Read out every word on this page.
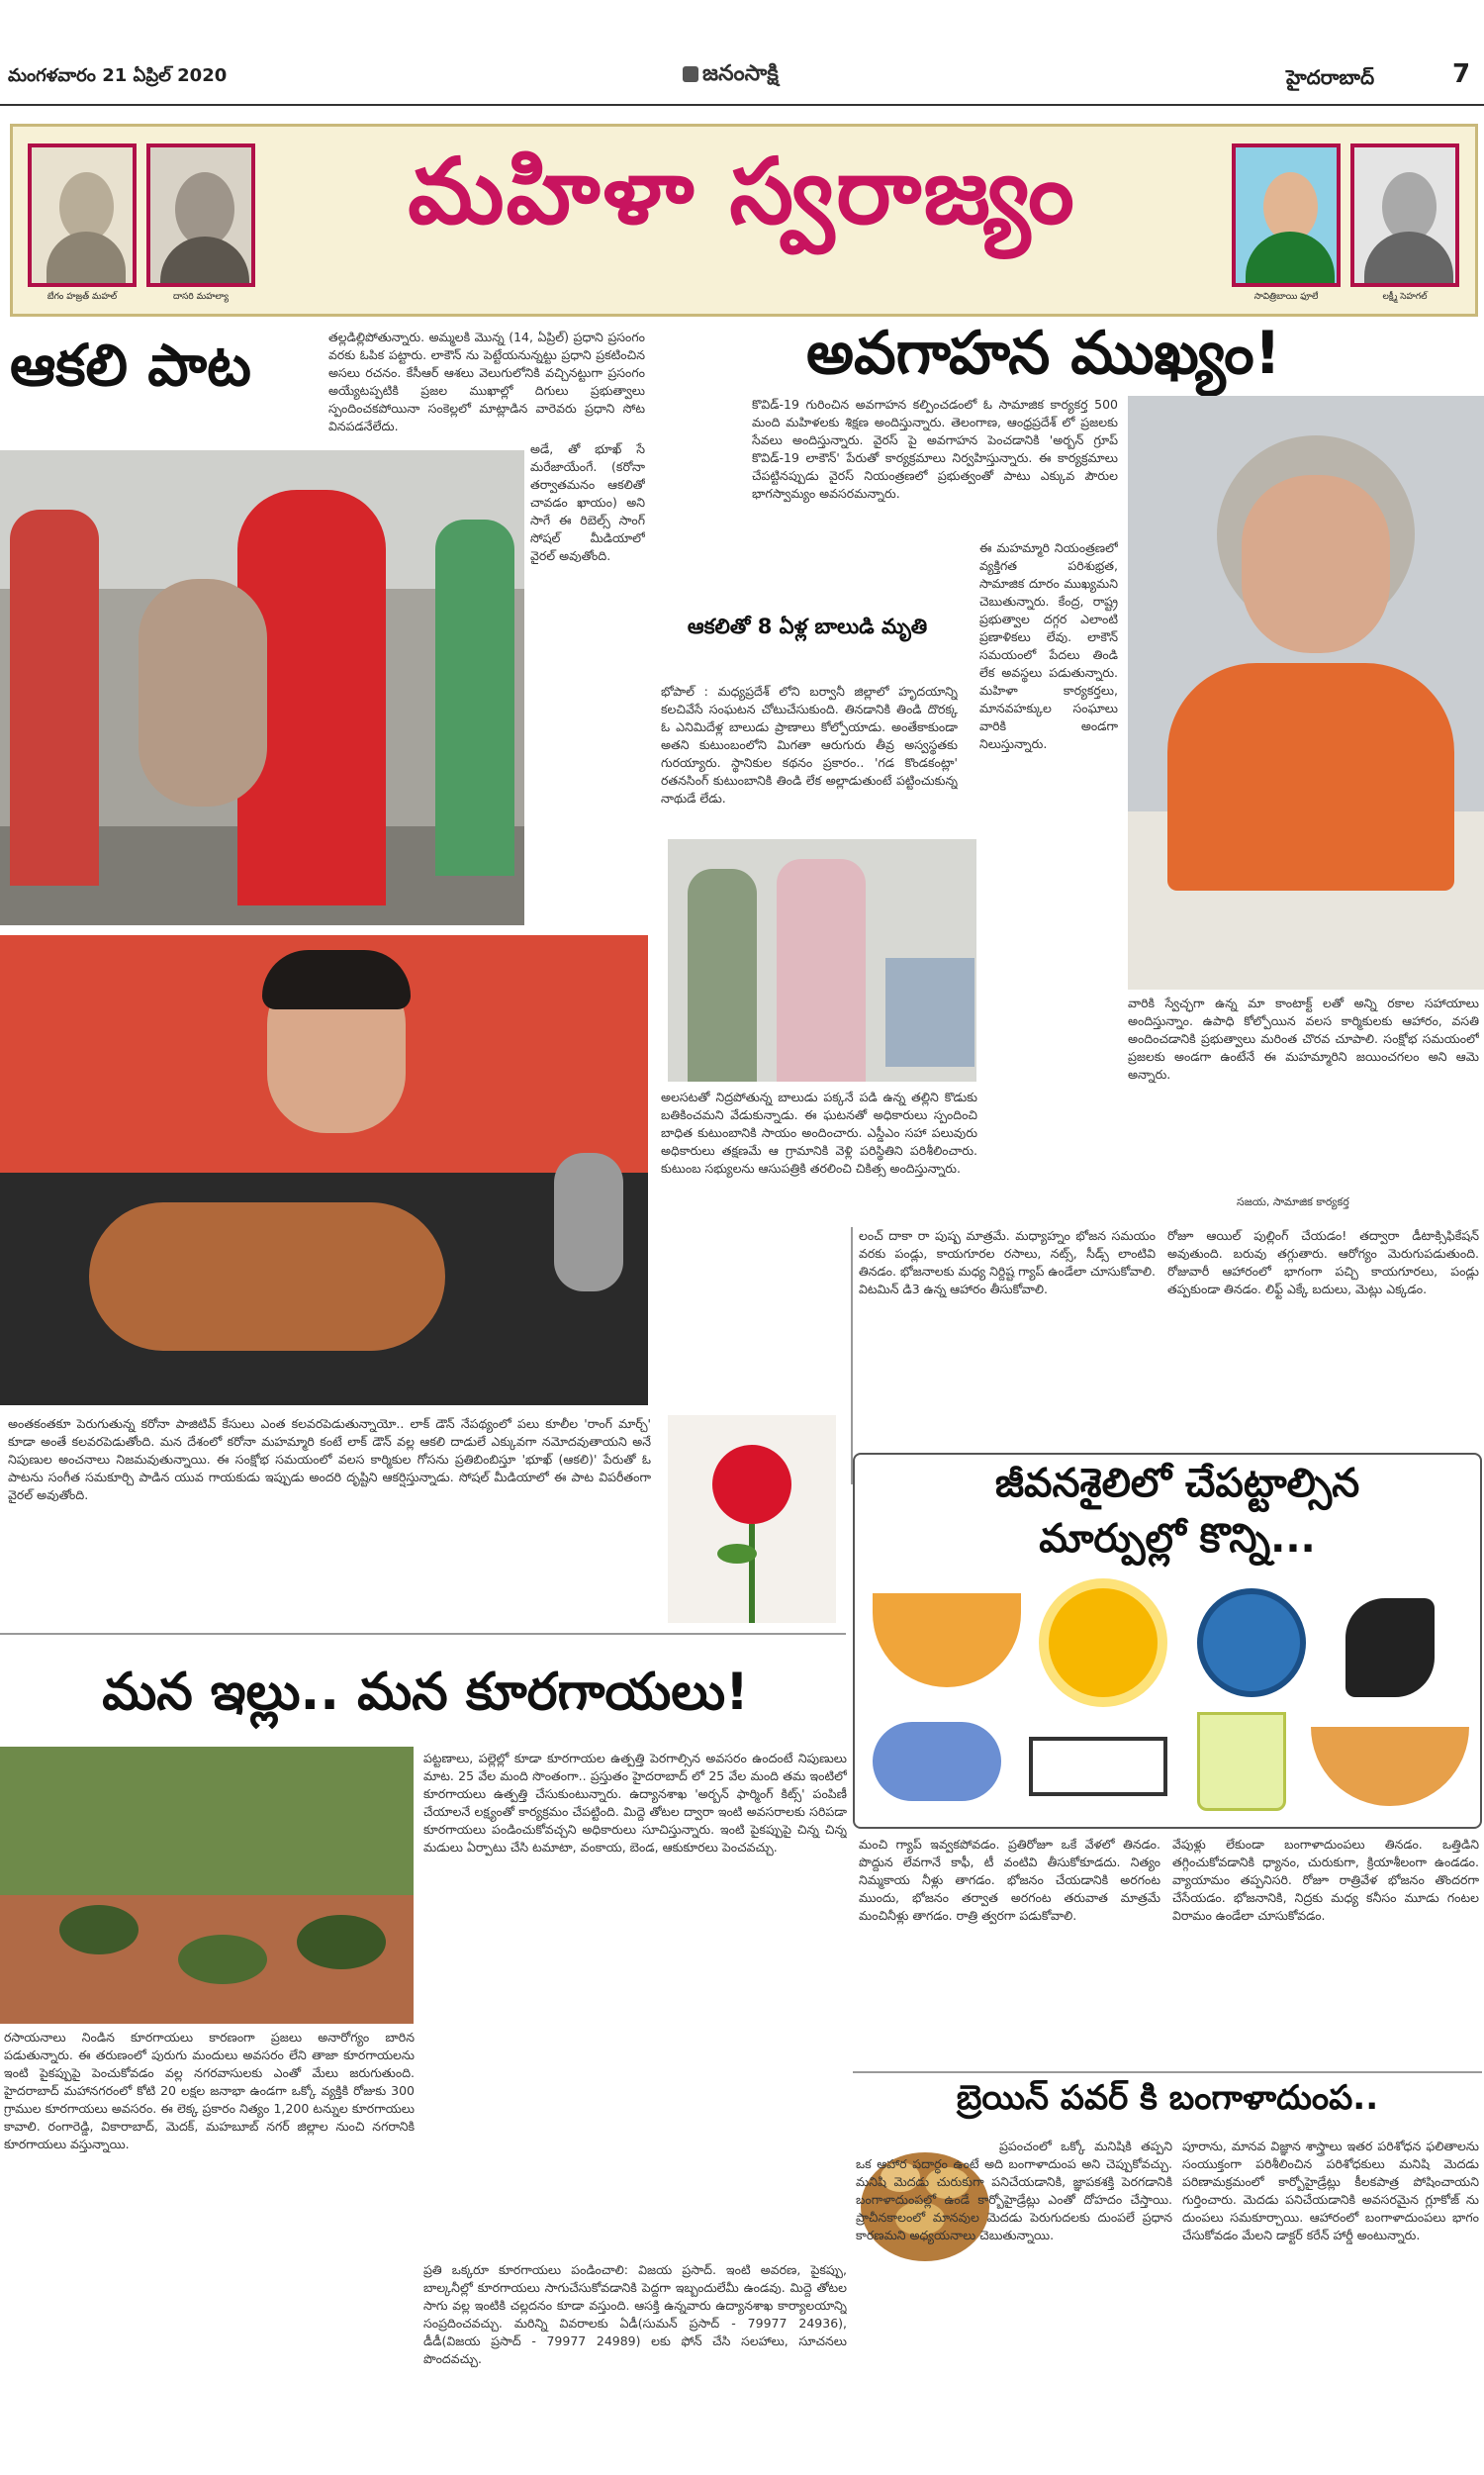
మంగళవారం 21 ఏప్రిల్ 2020	జనంసాక్షి	హైదరాబాద్	7
బేగం హజ్రత్ మహల్	దాసరి మహల్యా
మహిళా స్వరాజ్యం
సావిత్రిబాయి ఫూలే	లక్ష్మీ సెహగల్
ఆకలి పాట	తల్లడిల్లిపోతున్నారు. అమ్మలకి మొన్న (14, ఏప్రిల్) ప్రధాని ప్రసంగం వరకు ఓపిక పట్టారు. లాకౌన్ ను పెట్టేయనున్నట్టు ప్రధాని ప్రకటించిన అసలు రచనం. కేసీఆర్ ఆశలు వెలుగులోనికి వచ్చినట్టుగా ప్రసంగం అయ్యేటప్పటికి ప్రజల ముఖాల్లో దిగులు ప్రభుత్వాలు స్పందించకపోయినా సంకెల్లలో మాట్లాడిన వారెవరు ప్రధాని సోట వినపడనేలేదు.

అడే, తో భూఖ్ సే మరేజాయేంగే. (కరోనా తర్వాతమనం ఆకలితో చావడం ఖాయం) అని సాగే ఈ రిబెల్స్ సాంగ్ సోషల్ మీడియాలో వైరల్ అవుతోంది.

ఆకలితో 8 ఏళ్ల బాలుడి మృతి

భోపాల్ : మధ్యప్రదేశ్ లోని బర్వానీ జిల్లాలో హృదయాన్ని కలచివేసే సంఘటన చోటుచేసుకుంది. తినడానికి తిండి దొరక్క ఓ ఎనిమిదేళ్ల బాలుడు ప్రాణాలు కోల్పోయాడు. అంతేకాకుండా అతని కుటుంబంలోని మిగతా ఆరుగురు తీవ్ర అస్వస్థతకు గురయ్యారు. స్థానికుల కథనం ప్రకారం.. 'గడ కొండకంట్లా' రతనసింగ్ కుటుంబానికి తిండి లేక అల్లాడుతుంటే పట్టించుకున్న నాథుడే లేడు.

అలసటతో నిద్రపోతున్న బాలుడు పక్కనే పడి ఉన్న తల్లిని కొడుకు బతికించమని వేడుకున్నాడు. ఈ ఘటనతో అధికారులు స్పందించి బాధిత కుటుంబానికి సాయం అందించారు. ఎస్డీఎం సహా పలువురు అధికారులు తక్షణమే ఆ గ్రామానికి వెళ్లి పరిస్థితిని పరిశీలించారు. కుటుంబ సభ్యులను ఆసుపత్రికి తరలించి చికిత్స అందిస్తున్నారు.

అంతకంతకూ పెరుగుతున్న కరోనా పాజిటివ్ కేసులు ఎంత కలవరపెడుతున్నాయో.. లాక్ డౌన్ నేపథ్యంలో పలు కూలీల 'రాంగ్ మార్చ్' కూడా అంతే కలవరపెడుతోంది. మన దేశంలో కరోనా మహమ్మారి కంటే లాక్ డౌన్ వల్ల ఆకలి దాడులే ఎక్కువగా నమోదవుతాయని అనే నిపుణుల అంచనాలు నిజమవుతున్నాయి. ఈ సంక్షోభ సమయంలో వలస కార్మికుల గోసను ప్రతిబింబిస్తూ 'భూఖ్ (ఆకలి)' పేరుతో ఓ పాటను సంగీత సమకూర్చి పాడిన యువ గాయకుడు ఇప్పుడు అందరి దృష్టిని ఆకర్షిస్తున్నాడు. సోషల్ మీడియాలో ఈ పాట విపరీతంగా వైరల్ అవుతోంది.

అవగాహన ముఖ్యం!

కొవిడ్-19 గురించిన అవగాహన కల్పించడంలో ఓ సామాజిక కార్యకర్త 500 మంది మహిళలకు శిక్షణ అందిస్తున్నారు. తెలంగాణ, ఆంధ్రప్రదేశ్ లో ప్రజలకు సేవలు అందిస్తున్నారు. వైరస్ పై అవగాహన పెంచడానికి 'అర్బన్ గ్రూప్ కొవిడ్-19 లాకౌన్' పేరుతో కార్యక్రమాలు నిర్వహిస్తున్నారు. ఈ కార్యక్రమాలు చేపట్టినప్పుడు వైరస్ నియంత్రణలో ప్రభుత్వంతో పాటు ఎక్కువ పౌరుల భాగస్వామ్యం అవసరమన్నారు.

ఈ మహమ్మారి నియంత్రణలో వ్యక్తిగత పరిశుభ్రత, సామాజిక దూరం ముఖ్యమని చెబుతున్నారు. కేంద్ర, రాష్ట్ర ప్రభుత్వాల దగ్గర ఎలాంటి ప్రణాళికలు లేవు. లాకౌన్ సమయంలో పేదలు తిండి లేక అవస్థలు పడుతున్నారు. మహిళా కార్యకర్తలు, మానవహక్కుల సంఘాలు వారికి అండగా నిలుస్తున్నారు.

వారికి స్వేచ్ఛగా ఉన్న మా కాంటాక్ట్ లతో అన్ని రకాల సహాయాలు అందిస్తున్నాం. ఉపాధి కోల్పోయిన వలస కార్మికులకు ఆహారం, వసతి అందించడానికి ప్రభుత్వాలు మరింత చొరవ చూపాలి. సంక్షోభ సమయంలో ప్రజలకు అండగా ఉంటేనే ఈ మహమ్మారిని జయించగలం అని ఆమె అన్నారు.

సజయ, సామాజిక కార్యకర్త

లంచ్ దాకా రా పుష్ప మాత్రమే. మధ్యాహ్నం భోజన సమయం వరకు పండ్లు, కాయగూరల రసాలు, నట్స్, సీడ్స్ లాంటివి తినడం. భోజనాలకు మధ్య నిర్దిష్ట గ్యాప్ ఉండేలా చూసుకోవాలి. విటమిన్ డి3 ఉన్న ఆహారం తీసుకోవాలి.

రోజూ ఆయిల్ పుల్లింగ్ చేయడం! తద్వారా డీటాక్సిఫికేషన్ అవుతుంది. బరువు తగ్గుతారు. ఆరోగ్యం మెరుగుపడుతుంది. రోజువారీ ఆహారంలో భాగంగా పచ్చి కాయగూరలు, పండ్లు తప్పకుండా తినడం. లిఫ్ట్ ఎక్కే బదులు, మెట్లు ఎక్కడం.

జీవనశైలిలో చేపట్టాల్సిన
మార్పుల్లో కొన్ని...

మంచి గ్యాప్ ఇవ్వకపోవడం. ప్రతిరోజూ ఒకే వేళలో తినడం. పొద్దున లేవగానే కాఫీ, టీ వంటివి తీసుకోకూడదు. నిత్యం నిమ్మకాయ నీళ్లు తాగడం. భోజనం చేయడానికి అరగంట ముందు, భోజనం తర్వాత అరగంట తరువాత మాత్రమే మంచినీళ్లు తాగడం. రాత్రి త్వరగా పడుకోవాలి.

వేపుళ్లు లేకుండా బంగాళాదుంపలు తినడం. ఒత్తిడిని తగ్గించుకోవడానికి ధ్యానం, చురుకుగా, క్రియాశీలంగా ఉండడం. వ్యాయామం తప్పనిసరి. రోజూ రాత్రివేళ భోజనం తొందరగా చేసేయడం. భోజనానికి, నిద్రకు మధ్య కనీసం మూడు గంటల విరామం ఉండేలా చూసుకోవడం.

మన ఇల్లు.. మన కూరగాయలు!

పట్టణాలు, పల్లెల్లో కూడా కూరగాయల ఉత్పత్తి పెరగాల్సిన అవసరం ఉందంటే నిపుణులు మాట. 25 వేల మంది సొంతంగా.. ప్రస్తుతం హైదరాబాద్ లో 25 వేల మంది తమ ఇంటిలో కూరగాయలు ఉత్పత్తి చేసుకుంటున్నారు. ఉద్యానశాఖ 'అర్బన్ ఫార్మింగ్ కిట్స్' పంపిణీ చేయాలనే లక్ష్యంతో కార్యక్రమం చేపట్టింది. మిద్దె తోటల ద్వారా ఇంటి అవసరాలకు సరిపడా కూరగాయలు పండించుకోవచ్చని అధికారులు సూచిస్తున్నారు. ఇంటి పైకప్పుపై చిన్న చిన్న మడులు ఏర్పాటు చేసి టమాటా, వంకాయ, బెండ, ఆకుకూరలు పెంచవచ్చు.

రసాయనాలు నిండిన కూరగాయలు కారణంగా ప్రజలు అనారోగ్యం బారిన పడుతున్నారు. ఈ తరుణంలో పురుగు మందులు అవసరం లేని తాజా కూరగాయలను ఇంటి పైకప్పుపై పెంచుకోవడం వల్ల నగరవాసులకు ఎంతో మేలు జరుగుతుంది. హైదరాబాద్ మహానగరంలో కోటి 20 లక్షల జనాభా ఉండగా ఒక్కో వ్యక్తికి రోజుకు 300 గ్రాముల కూరగాయలు అవసరం. ఈ లెక్క ప్రకారం నిత్యం 1,200 టన్నుల కూరగాయలు కావాలి. రంగారెడ్డి, వికారాబాద్, మెదక్, మహబూబ్ నగర్ జిల్లాల నుంచి నగరానికి కూరగాయలు వస్తున్నాయి.

ప్రతి ఒక్కరూ కూరగాయలు పండించాలి: విజయ ప్రసాద్. ఇంటి అవరణ, పైకప్పు, బాల్కనీల్లో కూరగాయలు సాగుచేసుకోవడానికి పెద్దగా ఇబ్బందులేమీ ఉండవు. మిద్దె తోటల సాగు వల్ల ఇంటికి చల్లదనం కూడా వస్తుంది. ఆసక్తి ఉన్నవారు ఉద్యానశాఖ కార్యాలయాన్ని సంప్రదించవచ్చు. మరిన్ని వివరాలకు ఏడీ(సుమన్ ప్రసాద్ - 79977 24936), డీడీ(విజయ ప్రసాద్ - 79977 24989) లకు ఫోన్ చేసి సలహాలు, సూచనలు పొందవచ్చు.

బ్రెయిన్ పవర్ కి బంగాళాదుంప..

ప్రపంచంలో ఒక్కో మనిషికి తప్పని ఒక ఆహార పదార్ధం ఉంటే అది బంగాళాదుంప అని చెప్పుకోవచ్చు. మనిషి మెదడు చురుకుగా పనిచేయడానికి, జ్ఞాపకశక్తి పెరగడానికి బంగాళాదుంపల్లో ఉండే కార్బోహైడ్రేట్లు ఎంతో దోహదం చేస్తాయి. ప్రాచీనకాలంలో మానవుల మెదడు పెరుగుదలకు దుంపలే ప్రధాన కారణమని అధ్యయనాలు చెబుతున్నాయి.

పూరాను, మానవ విజ్ఞాన శాస్త్రాలు ఇతర పరిశోధన ఫలితాలను సంయుక్తంగా పరిశీలించిన పరిశోధకులు మనిషి మెదడు పరిణామక్రమంలో కార్బోహైడ్రేట్లు కీలకపాత్ర పోషించాయని గుర్తించారు. మెదడు పనిచేయడానికి అవసరమైన గ్లూకోజ్ ను దుంపలు సమకూర్చాయి. ఆహారంలో బంగాళాదుంపలు భాగం చేసుకోవడం మేలని డాక్టర్ కరేన్ హార్డీ అంటున్నారు.
